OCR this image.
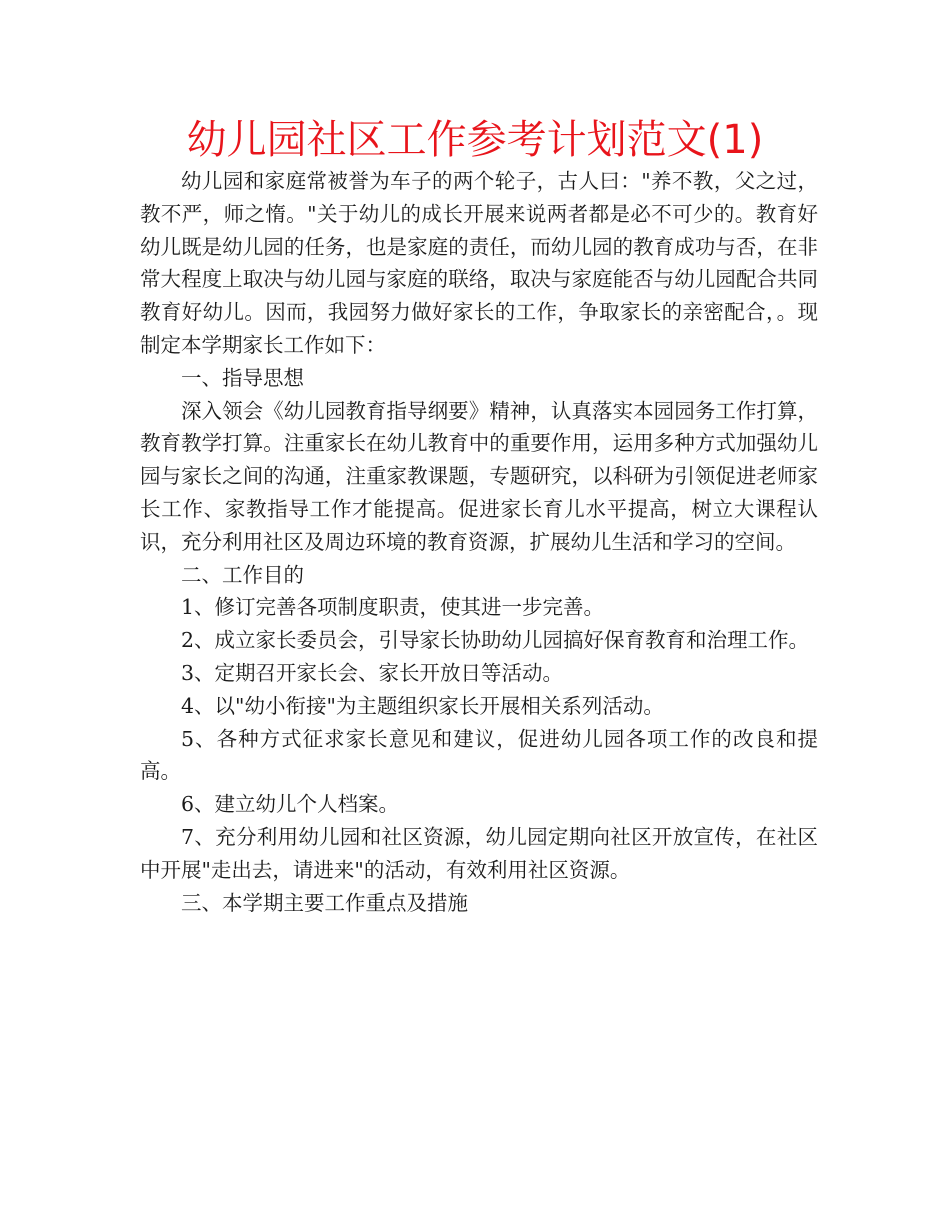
幼儿园社区工作参考计划范文(1)

幼儿园和家庭常被誉为车子的两个轮子，古人曰："养不教，父之过，教不严，师之惰。"关于幼儿的成长开展来说两者都是必不可少的。教育好幼儿既是幼儿园的任务，也是家庭的责任，而幼儿园的教育成功与否，在非常大程度上取决与幼儿园与家庭的联络，取决与家庭能否与幼儿园配合共同教育好幼儿。因而，我园努力做好家长的工作，争取家长的亲密配合，。现制定本学期家长工作如下：

一、指导思想

深入领会《幼儿园教育指导纲要》精神，认真落实本园园务工作打算，教育教学打算。注重家长在幼儿教育中的重要作用，运用多种方式加强幼儿园与家长之间的沟通，注重家教课题，专题研究，以科研为引领促进老师家长工作、家教指导工作才能提高。促进家长育儿水平提高，树立大课程认识，充分利用社区及周边环境的教育资源，扩展幼儿生活和学习的空间。

二、工作目的

1、修订完善各项制度职责，使其进一步完善。

2、成立家长委员会，引导家长协助幼儿园搞好保育教育和治理工作。

3、定期召开家长会、家长开放日等活动。

4、以"幼小衔接"为主题组织家长开展相关系列活动。

5、各种方式征求家长意见和建议，促进幼儿园各项工作的改良和提高。

6、建立幼儿个人档案。

7、充分利用幼儿园和社区资源，幼儿园定期向社区开放宣传，在社区中开展"走出去，请进来"的活动，有效利用社区资源。

三、本学期主要工作重点及措施
